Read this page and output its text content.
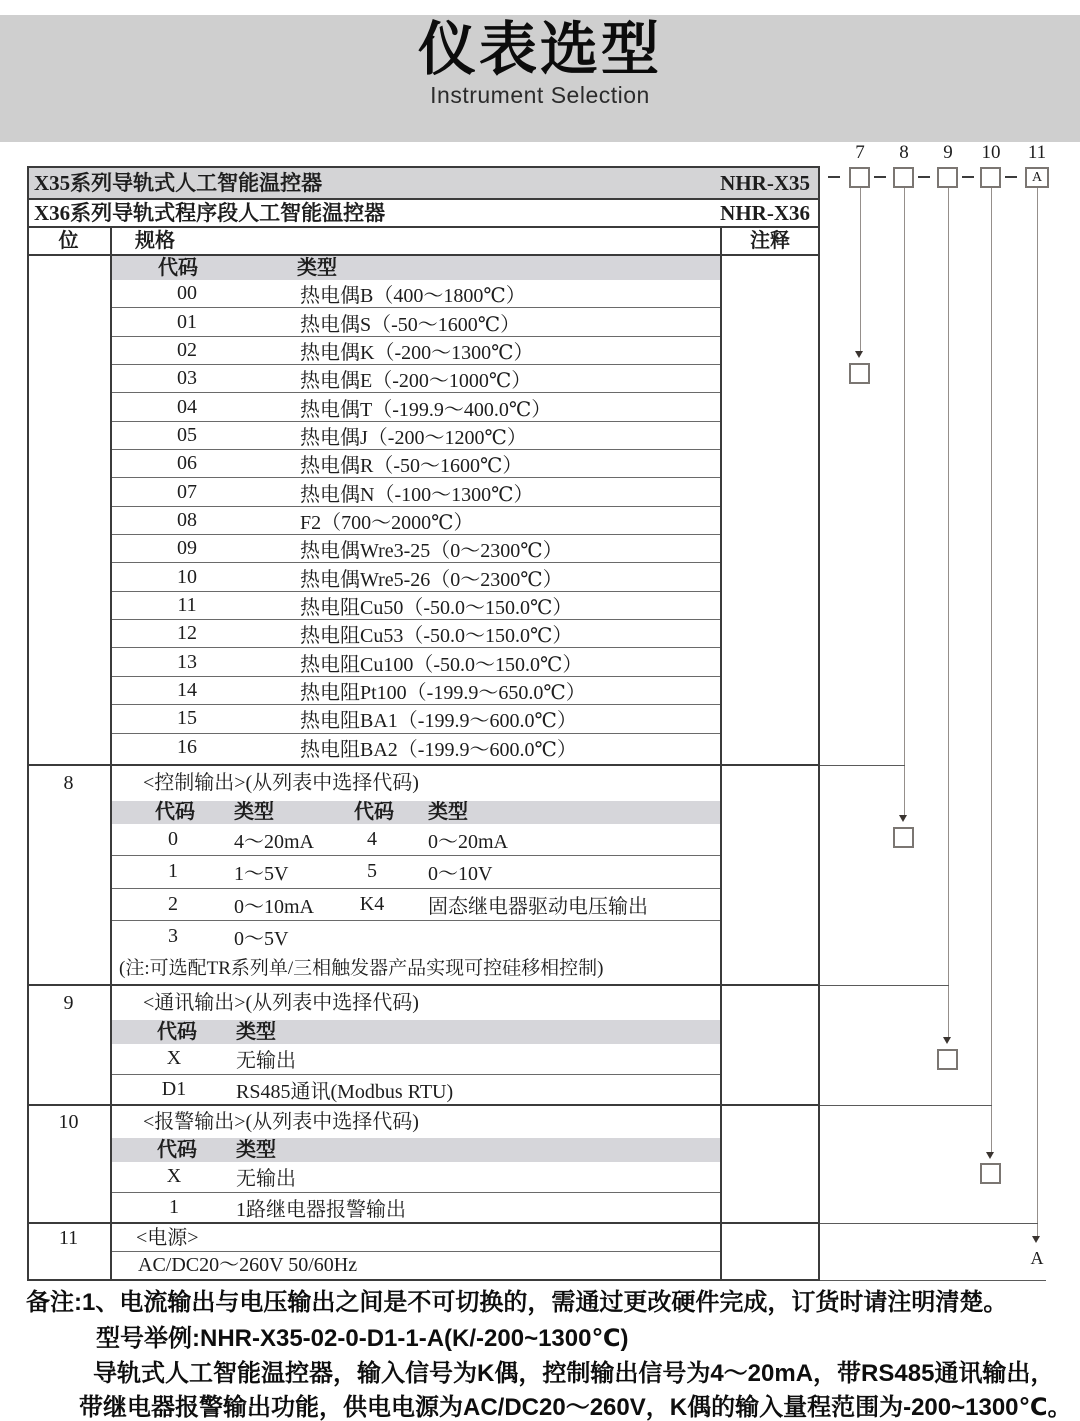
仪表选型
Instrument Selection
代码	类型
代码 类型	代码 类型
代码 类型
代码 类型
X35系列导轨式人工智能温控器	NHR-X35
X36系列导轨式程序段人工智能温控器	NHR-X36
位	规格	注释
00	热电偶B（400～1800℃）
01	热电偶S（-50～1600℃）
02	热电偶K（-200～1300℃）
03	热电偶E（-200～1000℃）
04	热电偶T（-199.9～400.0℃）
05	热电偶J（-200～1200℃）
06	热电偶R（-50～1600℃）
07	热电偶N（-100～1300℃）
08	F2（700～2000℃）
09	热电偶Wre3-25（0～2300℃）
10	热电偶Wre5-26（0～2300℃）
11	热电阻Cu50（-50.0～150.0℃）
12	热电阻Cu53（-50.0～150.0℃）
13	热电阻Cu100（-50.0～150.0℃）
14	热电阻Pt100（-199.9～650.0℃）
15	热电阻BA1（-199.9～600.0℃）
16	热电阻BA2（-199.9～600.0℃）
8	<控制输出>(从列表中选择代码)
0	4～20mA	4	0～20mA
1	1～5V	5	0～10V
2	0～10mA	K4	固态继电器驱动电压输出
3	0～5V
(注:可选配TR系列单/三相触发器产品实现可控硅移相控制)
9	<通讯输出>(从列表中选择代码)
X	无输出
D1	RS485通讯(Modbus RTU)
10	<报警输出>(从列表中选择代码)
X	无输出
1	1路继电器报警输出
11	<电源>
AC/DC20～260V 50/60Hz
7	8	9	10	11
A
A
备注:1、电流输出与电压输出之间是不可切换的，需通过更改硬件完成，订货时请注明清楚。
型号举例:NHR-X35-02-0-D1-1-A(K/-200~1300℃)
导轨式人工智能温控器，输入信号为K偶，控制输出信号为4～20mA，带RS485通讯输出，
带继电器报警输出功能，供电电源为AC/DC20～260V，K偶的输入量程范围为-200~1300℃。
